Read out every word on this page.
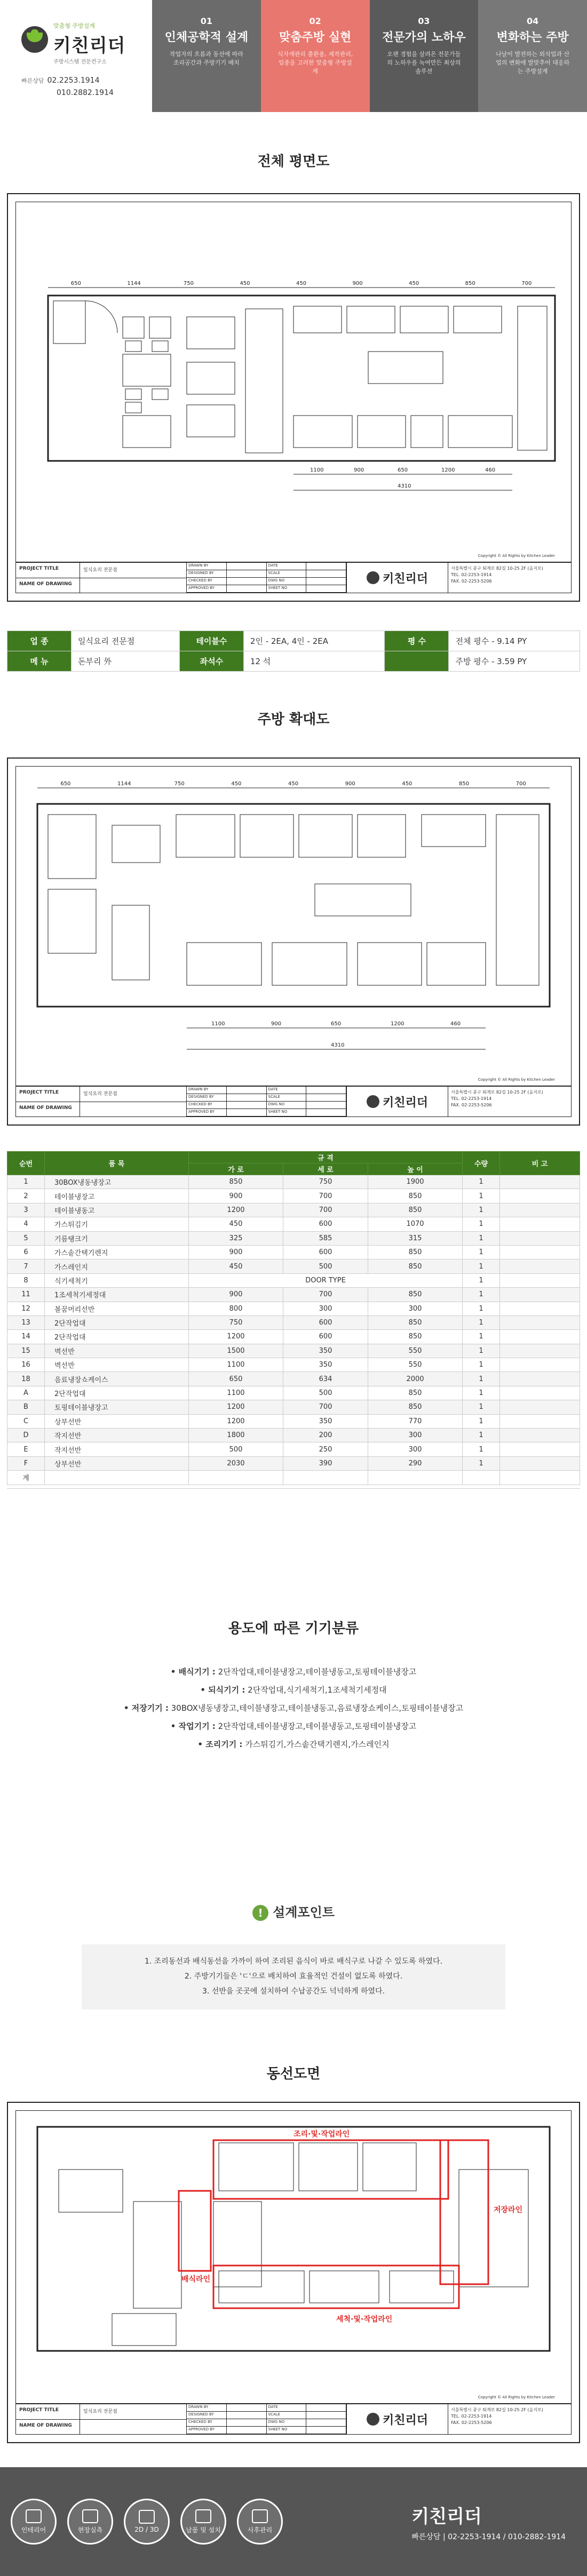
맞춤형 주방설계
키친리더
주방시스템 전문컨구소
빠른상담 02.2253.1914
010.2882.1914
01
인체공학적 설계
작업자의 흐름과 동선에 따라 조리공간과 주방기기 배치
02
맞춤주방 실현
식자재관리 출환용, 제작관리, 업종을 고려한 맞춤형 주방설계
03
전문가의 노하우
오랜 경험을 살려온 전문가들의 노하우를 녹여만든 최상의 솔루션
04
변화하는 주방
나날이 발전하는 외식업과 산업의 변화에 발맞추어 대응하는 주방설계
전체 평면도
650	1144	750	450	450	900	450	850	700
1100	900	650	1200	460
4310
Copyright © All Rights by Kitchen Leader
PROJECT TITLE
NAME OF DRAWING
일식요리 전문점
DRAWN BY	DATE
DESIGNED BY	SCALE
CHECKED BY	DWG NO
APPROVED BY	SHEET NO
키친리더
서울특별시 중구 퇴계로 82길 10-25 2F (을지로)
TEL. 02-2253-1914
FAX. 02-2253-5206
업 종	일식요리 전문점	테이블수	2인 - 2EA, 4인 - 2EA	평 수	전체 평수 - 9.14 PY
메 뉴	돈부리 外	좌석수	12 석		주방 평수 - 3.59 PY
주방 확대도
650	1144	750	450	450	900	450	850	700
1100	900	650	1200	460
4310
Copyright © All Rights by Kitchen Leader
PROJECT TITLE
NAME OF DRAWING
일식요리 전문점
DRAWN BY	DATE
DESIGNED BY	SCALE
CHECKED BY	DWG NO
APPROVED BY	SHEET NO
키친리더
서울특별시 중구 퇴계로 82길 10-25 2F (을지로)
TEL. 02-2253-1914
FAX. 02-2253-5206
순번	품 목	규 격			수량	비 고
		가 로	세 로	높 이		
1	30BOX냉동냉장고	850	750	1900	1	
2	테이블냉장고	900	700	850	1	
3	테이블냉동고	1200	700	850	1	
4	가스튀김기	450	600	1070	1	
5	기름탱크기	325	585	315	1	
6	가스솥간택기렌지	900	600	850	1	
7	가스레인지	450	500	850	1	
8	식기세척기	DOOR TYPE			1	
11	1조세척기세정대	900	700	850	1	
12	볼꿈머리선반	800	300	300	1	
13	2단작업대	750	600	850	1	
14	2단작업대	1200	600	850	1	
15	벽선반	1500	350	550	1	
16	벽선반	1100	350	550	1	
18	음료냉장쇼케이스	650	634	2000	1	
A	2단작업대	1100	500	850	1	
B	토핑테이블냉장고	1200	700	850	1	
C	상부선반	1200	350	770	1	
D	작지선반	1800	200	300	1	
E	작지선반	500	250	300	1	
F	상부선반	2030	390	290	1	
계						
용도에 따른 기기분류
• 배식기기 : 2단작업대,테이블냉장고,테이블냉동고,토핑테이블냉장고
• 되식기기 : 2단작업대,식기세척기,1조세척기세정대
• 저장기기 : 30BOX냉동냉장고,테이블냉장고,테이블냉동고,음료냉장쇼케이스,토핑테이블냉장고
• 작업기기 : 2단작업대,테이블냉장고,테이블냉동고,토핑테이블냉장고
• 조리기기 : 가스튀김기,가스솥간택기렌지,가스레인지
! 설계포인트
1. 조리동선과 배식동선을 가까이 하여 조리된 음식이 바로 배식구로 나갈 수 있도록 하였다.
2. 주방기기들은 'ㄷ'으로 배치하여 효율적인 건설이 없도록 하였다.
3. 선반을 곳곳에 설치하여 수납공간도 넉넉하게 하였다.
동선도면
조리·및·작업라인
저장라인
세척·및·작업라인
배식라인
Copyright © All Rights by Kitchen Leader
PROJECT TITLE
NAME OF DRAWING
일식요리 전문점
DRAWN BY	DATE
DESIGNED BY	SCALE
CHECKED BY	DWG NO
APPROVED BY	SHEET NO
키친리더
서울특별시 중구 퇴계로 82길 10-25 2F (을지로)
TEL. 02-2253-1914
FAX. 02-2253-5206
인테리어	현장실측	2D / 3D	납품 및 설치	사후관리
키친리더
빠른상담 | 02-2253-1914 / 010-2882-1914
